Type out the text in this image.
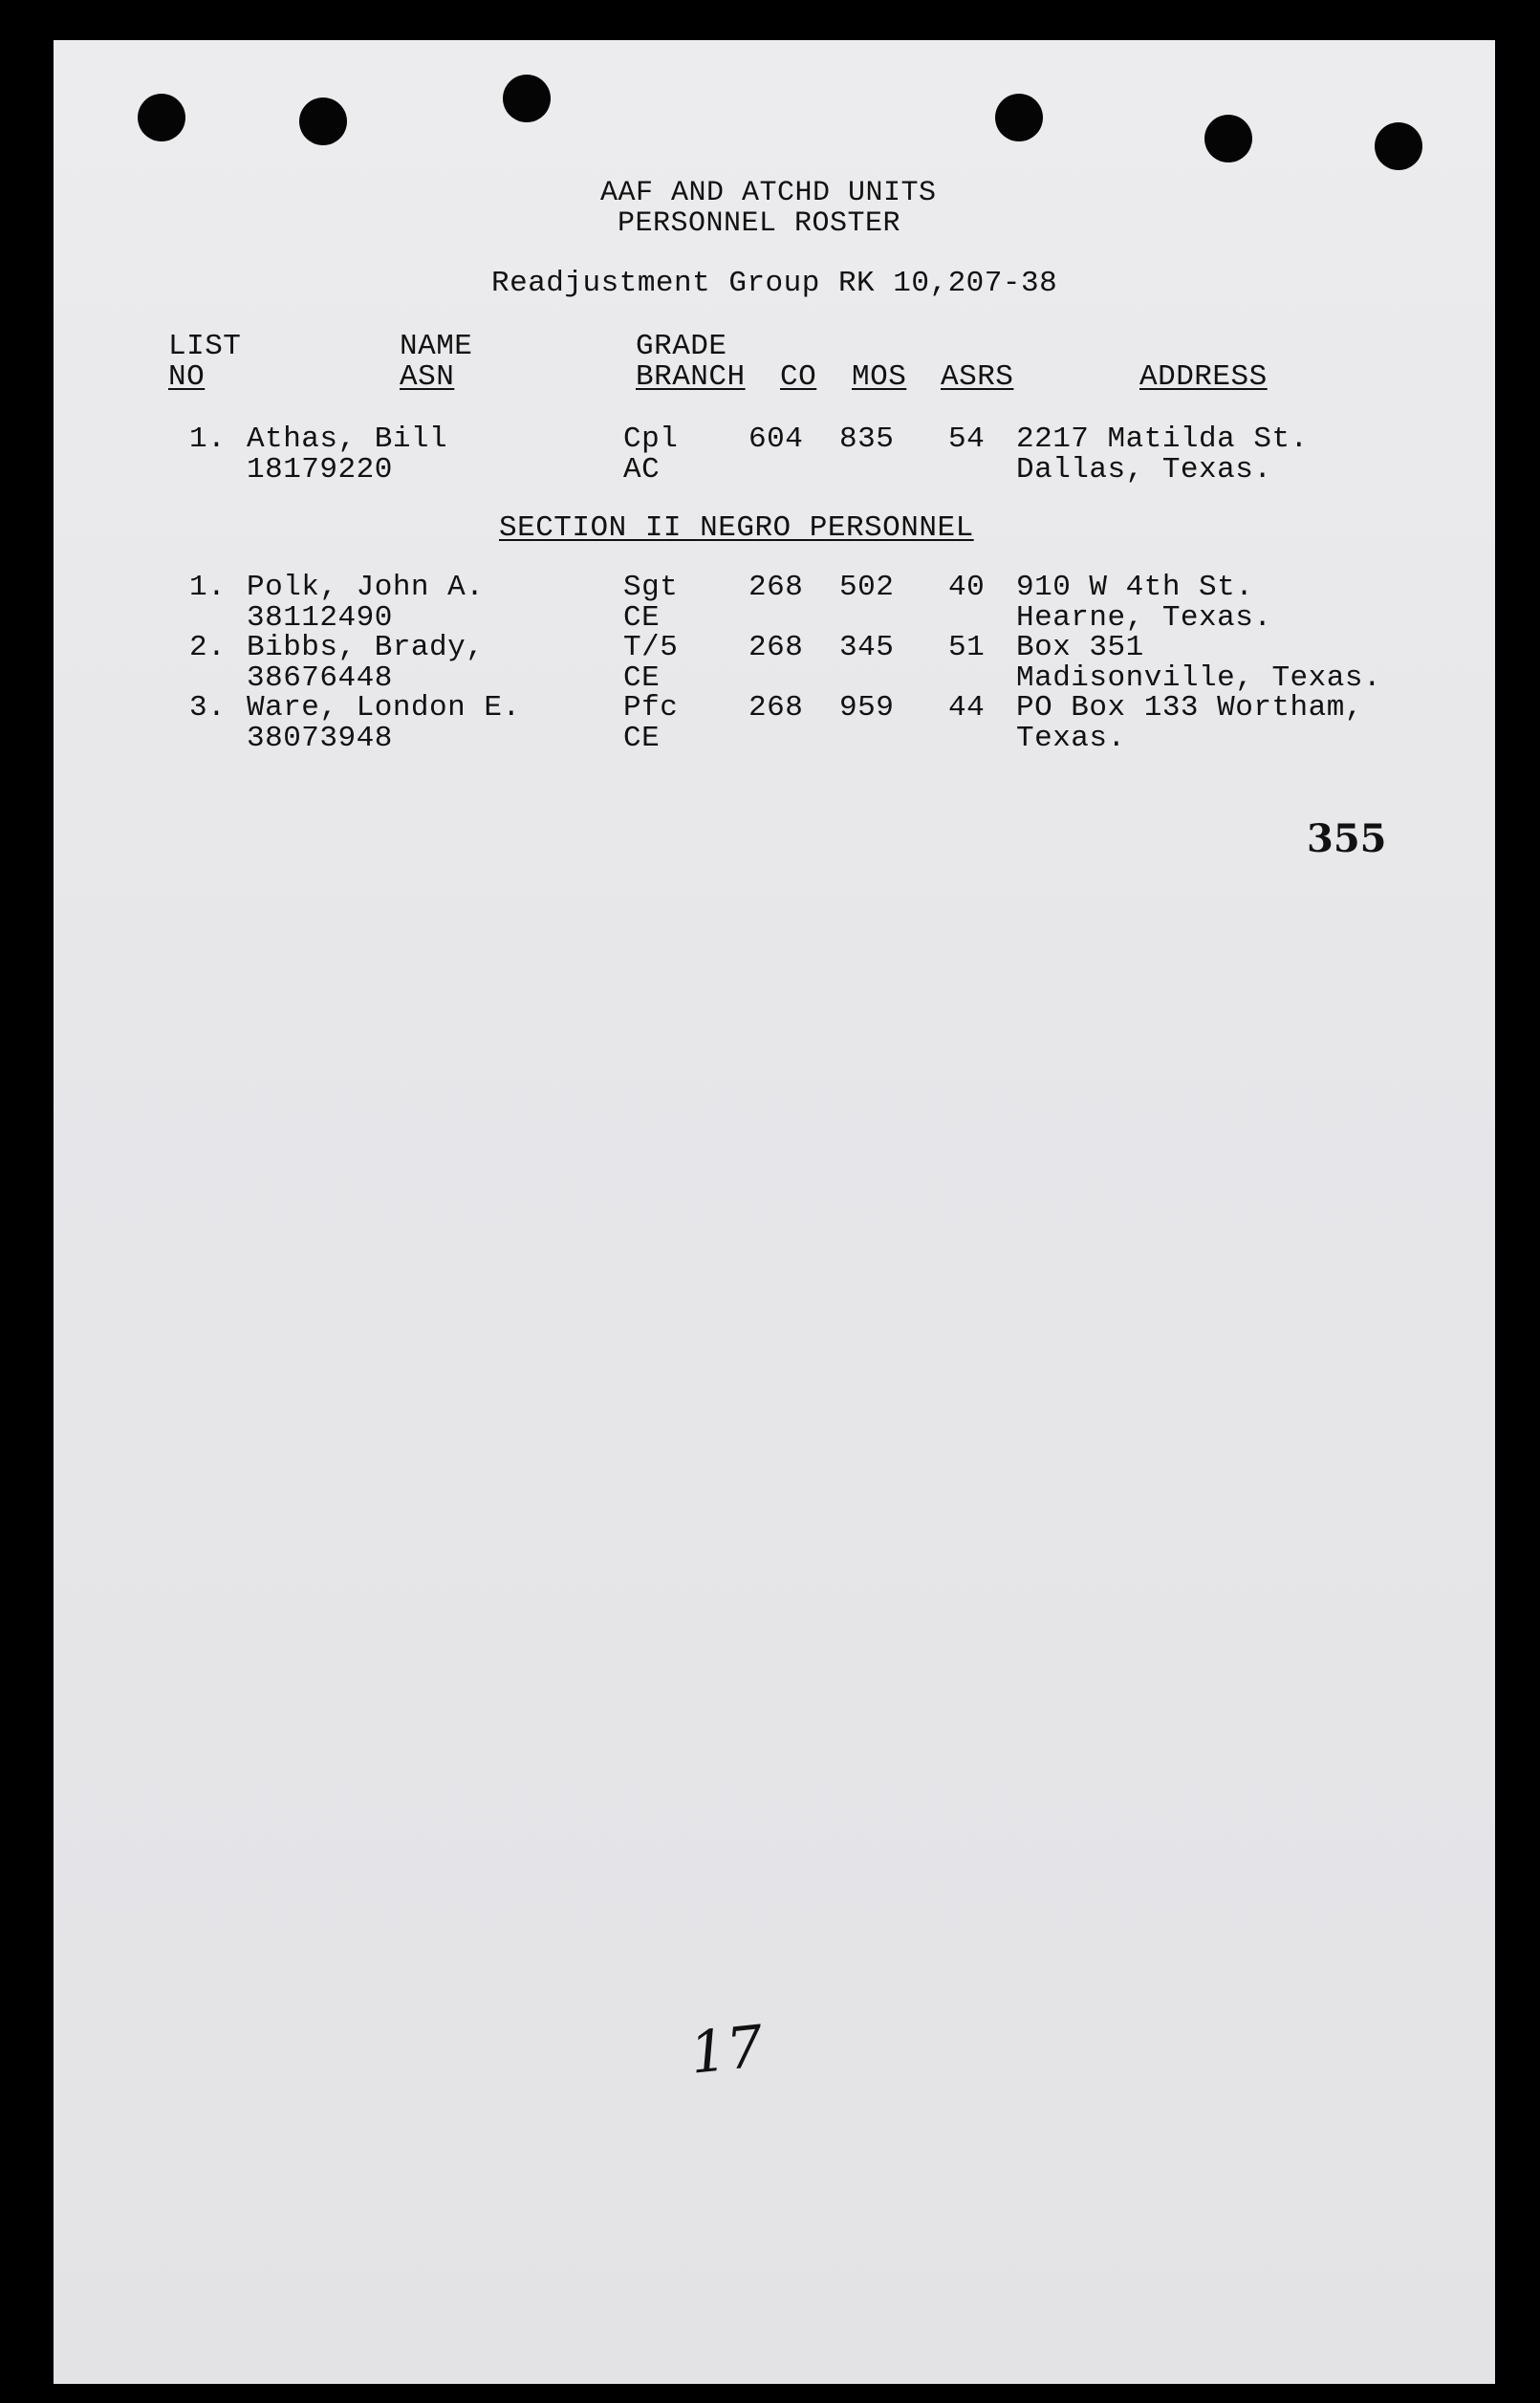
AAF AND ATCHD UNITS
PERSONNEL ROSTER
Readjustment Group RK 10,207-38
LIST
NO
NAME
ASN
GRADE
BRANCH CO MOS ASRS	ADDRESS
1. Athas, Bill
18179220
Cpl
AC
604 835 54 2217 Matilda St.
Dallas, Texas.
SECTION II NEGRO PERSONNEL
1. Polk, John A.
38112490
Sgt
CE
268 502 40 910 W 4th St.
Hearne, Texas.
2. Bibbs, Brady,
38676448
T/5
CE
268 345 51 Box 351
Madisonville, Texas.
3. Ware, London E.
38073948
Pfc
CE
268 959 44 PO Box 133 Wortham,
Texas.
355
17
